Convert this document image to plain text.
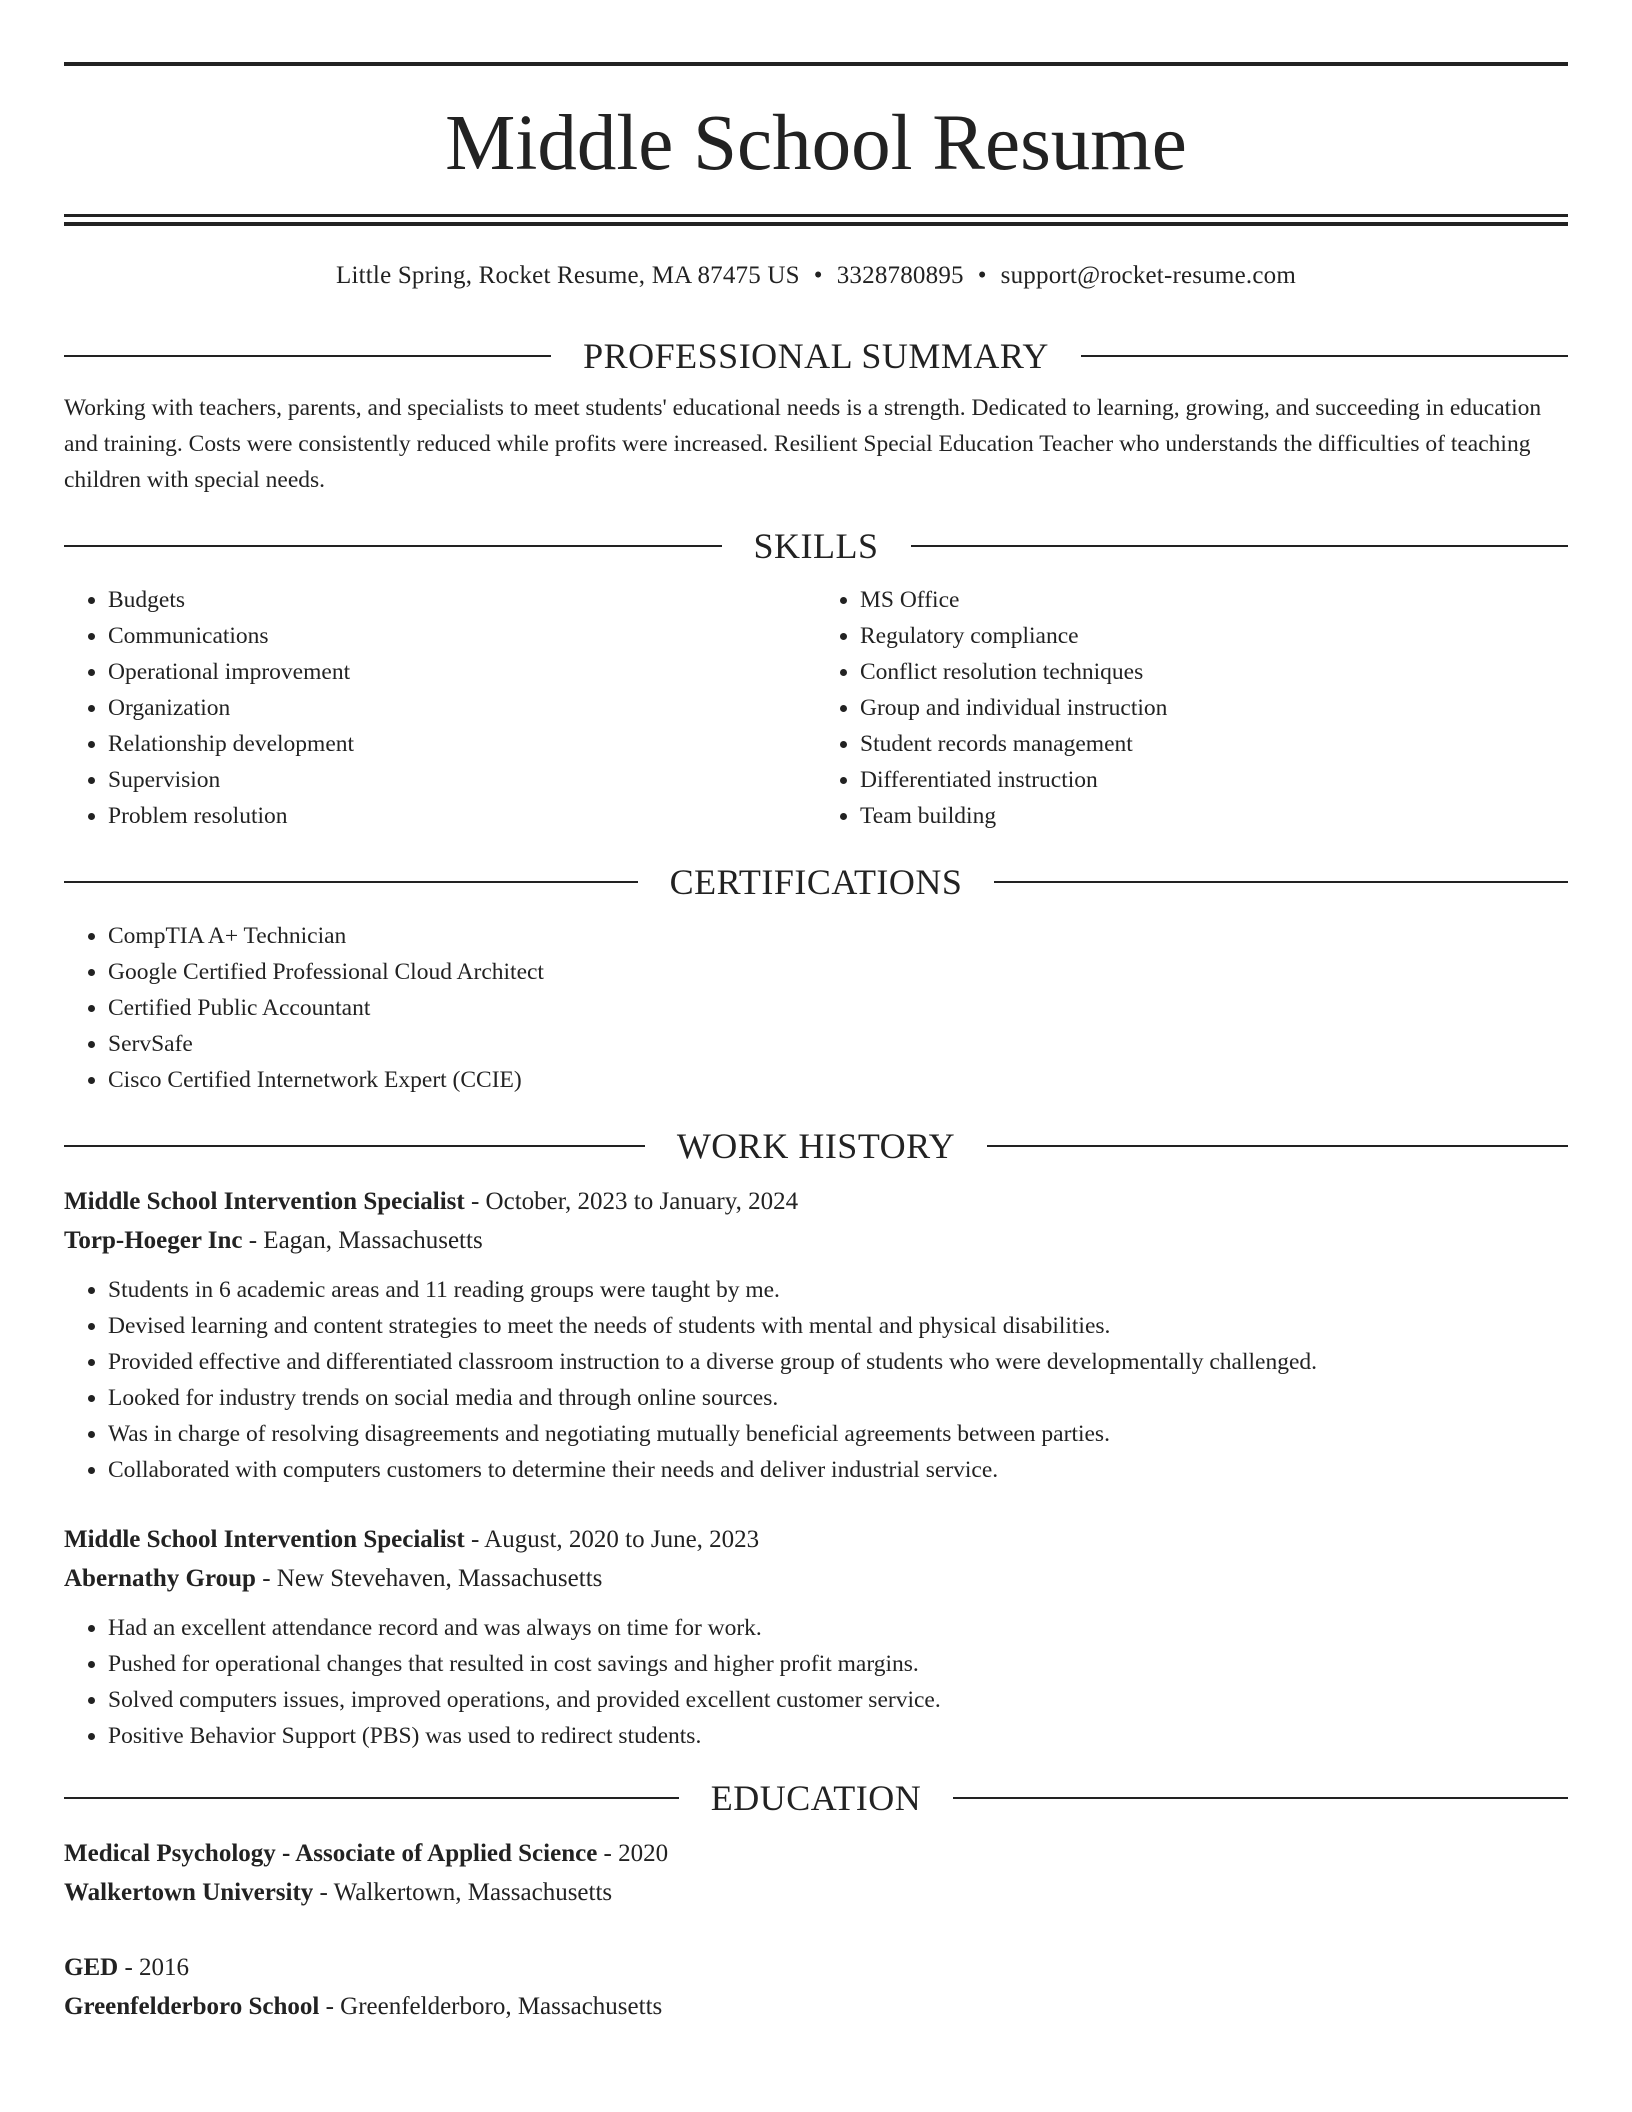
Middle School Resume
Little Spring, Rocket Resume, MA 87475 US • 3328780895 • support@rocket-resume.com
PROFESSIONAL SUMMARY
Working with teachers, parents, and specialists to meet students' educational needs is a strength. Dedicated to learning, growing, and succeeding in education and training. Costs were consistently reduced while profits were increased. Resilient Special Education Teacher who understands the difficulties of teaching children with special needs.
SKILLS
• Budgets
• Communications
• Operational improvement
• Organization
• Relationship development
• Supervision
• Problem resolution
• MS Office
• Regulatory compliance
• Conflict resolution techniques
• Group and individual instruction
• Student records management
• Differentiated instruction
• Team building
CERTIFICATIONS
• CompTIA A+ Technician
• Google Certified Professional Cloud Architect
• Certified Public Accountant
• ServSafe
• Cisco Certified Internetwork Expert (CCIE)
WORK HISTORY
Middle School Intervention Specialist - October, 2023 to January, 2024
Torp-Hoeger Inc - Eagan, Massachusetts
• Students in 6 academic areas and 11 reading groups were taught by me.
• Devised learning and content strategies to meet the needs of students with mental and physical disabilities.
• Provided effective and differentiated classroom instruction to a diverse group of students who were developmentally challenged.
• Looked for industry trends on social media and through online sources.
• Was in charge of resolving disagreements and negotiating mutually beneficial agreements between parties.
• Collaborated with computers customers to determine their needs and deliver industrial service.
Middle School Intervention Specialist - August, 2020 to June, 2023
Abernathy Group - New Stevehaven, Massachusetts
• Had an excellent attendance record and was always on time for work.
• Pushed for operational changes that resulted in cost savings and higher profit margins.
• Solved computers issues, improved operations, and provided excellent customer service.
• Positive Behavior Support (PBS) was used to redirect students.
EDUCATION
Medical Psychology - Associate of Applied Science - 2020
Walkertown University - Walkertown, Massachusetts
GED - 2016
Greenfelderboro School - Greenfelderboro, Massachusetts
